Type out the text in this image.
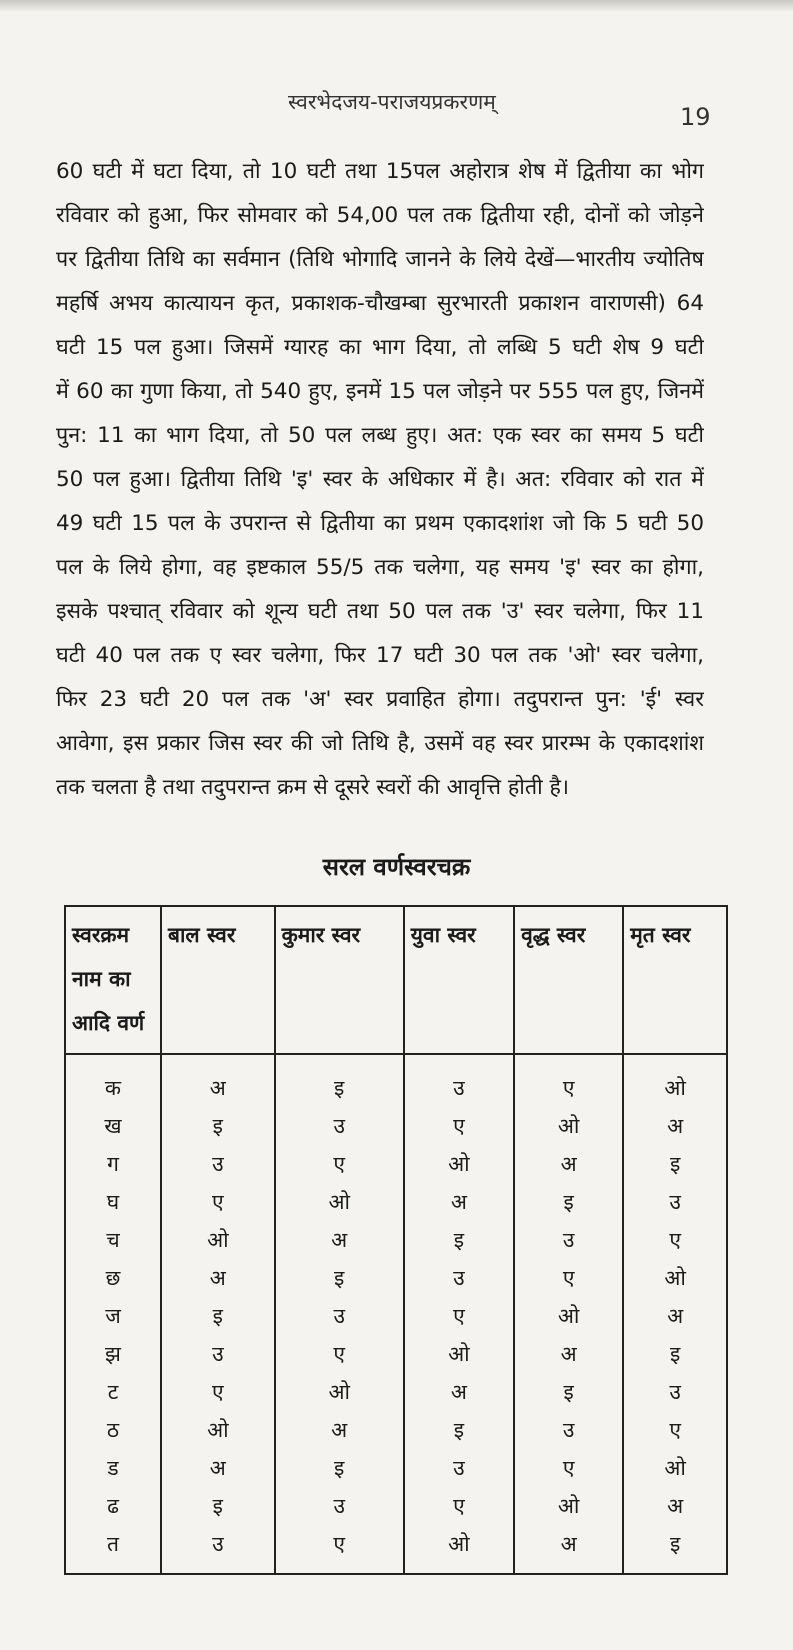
स्वरभेदजय-पराजयप्रकरणम्
19
60 घटी में घटा दिया, तो 10 घटी तथा 15पल अहोरात्र शेष में द्वितीया का भोग
रविवार को हुआ, फिर सोमवार को 54,00 पल तक द्वितीया रही, दोनों को जोड़ने
पर द्वितीया तिथि का सर्वमान (तिथि भोगादि जानने के लिये देखें—भारतीय ज्योतिष
महर्षि अभय कात्यायन कृत, प्रकाशक-चौखम्बा सुरभारती प्रकाशन वाराणसी) 64
घटी 15 पल हुआ। जिसमें ग्यारह का भाग दिया, तो लब्धि 5 घटी शेष 9 घटी
में 60 का गुणा किया, तो 540 हुए, इनमें 15 पल जोड़ने पर 555 पल हुए, जिनमें
पुन: 11 का भाग दिया, तो 50 पल लब्ध हुए। अत: एक स्वर का समय 5 घटी
50 पल हुआ। द्वितीया तिथि 'इ' स्वर के अधिकार में है। अत: रविवार को रात में
49 घटी 15 पल के उपरान्त से द्वितीया का प्रथम एकादशांश जो कि 5 घटी 50
पल के लिये होगा, वह इष्टकाल 55/5 तक चलेगा, यह समय 'इ' स्वर का होगा,
इसके पश्चात् रविवार को शून्य घटी तथा 50 पल तक 'उ' स्वर चलेगा, फिर 11
घटी 40 पल तक ए स्वर चलेगा, फिर 17 घटी 30 पल तक 'ओ' स्वर चलेगा,
फिर 23 घटी 20 पल तक 'अ' स्वर प्रवाहित होगा। तदुपरान्त पुन: 'ई' स्वर
आवेगा, इस प्रकार जिस स्वर की जो तिथि है, उसमें वह स्वर प्रारम्भ के एकादशांश
तक चलता है तथा तदुपरान्त क्रम से दूसरे स्वरों की आवृत्ति होती है।
सरल वर्णस्वरचक्र
स्वरक्रम
नाम का
आदि वर्ण	बाल स्वर	कुमार स्वर	युवा स्वर	वृद्ध स्वर	मृत स्वर
क	अ	इ	उ	ए	ओ
ख	इ	उ	ए	ओ	अ
ग	उ	ए	ओ	अ	इ
घ	ए	ओ	अ	इ	उ
च	ओ	अ	इ	उ	ए
छ	अ	इ	उ	ए	ओ
ज	इ	उ	ए	ओ	अ
झ	उ	ए	ओ	अ	इ
ट	ए	ओ	अ	इ	उ
ठ	ओ	अ	इ	उ	ए
ड	अ	इ	उ	ए	ओ
ढ	इ	उ	ए	ओ	अ
त	उ	ए	ओ	अ	इ
